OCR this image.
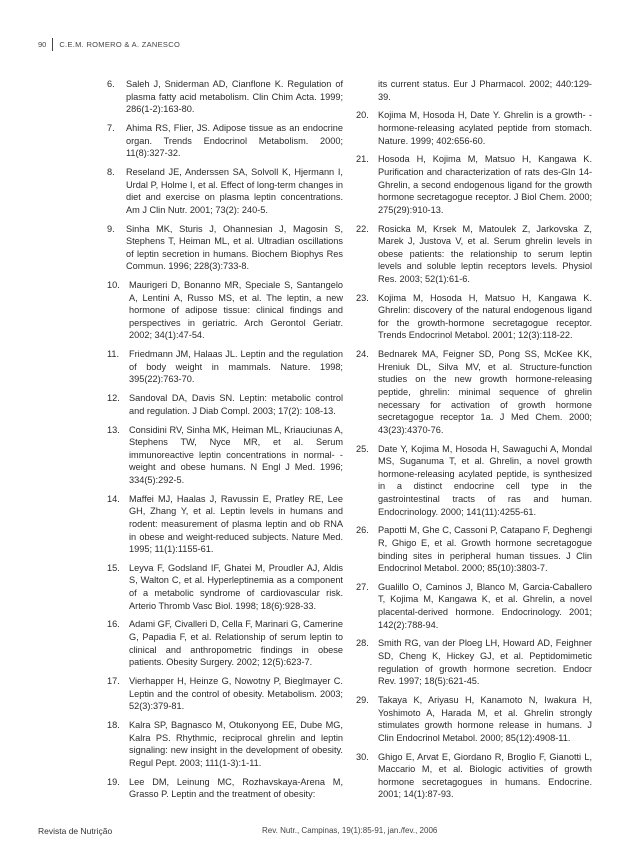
90 C.E.M. ROMERO & A. ZANESCO
6.	Saleh J, Sniderman AD, Cianflone K. Regulation of plasma fatty acid metabolism. Clin Chim Acta. 1999; 286(1-2):163-80.
7.	Ahima RS, Flier, JS. Adipose tissue as an endocrine organ. Trends Endocrinol Metabolism. 2000; 11(8):327-32.
8.	Reseland JE, Anderssen SA, Solvoll K, Hjermann I, Urdal P, Holme I, et al. Effect of long-term changes in diet and exercise on plasma leptin concentrations. Am J Clin Nutr. 2001; 73(2): 240-5.
9.	Sinha MK, Sturis J, Ohannesian J, Magosin S, Stephens T, Heiman ML, et al. Ultradian oscillations of leptin secretion in humans. Biochem Biophys Res Commun. 1996; 228(3):733-8.
10.	Maurigeri D, Bonanno MR, Speciale S, Santangelo A, Lentini A, Russo MS, et al. The leptin, a new hormone of adipose tissue: clinical findings and perspectives in geriatric. Arch Gerontol Geriatr. 2002; 34(1):47-54.
11.	Friedmann JM, Halaas JL. Leptin and the regulation of body weight in mammals. Nature. 1998; 395(22):763-70.
12.	Sandoval DA, Davis SN. Leptin: metabolic control and regulation. J Diab Compl. 2003; 17(2): 108-13.
13.	Considini RV, Sinha MK, Heiman ML, Kriauciunas A, Stephens TW, Nyce MR, et al. Serum immunoreactive leptin concentrations in normal- -weight and obese humans. N Engl J Med. 1996; 334(5):292-5.
14.	Maffei MJ, Haalas J, Ravussin E, Pratley RE, Lee GH, Zhang Y, et al. Leptin levels in humans and rodent: measurement of plasma leptin and ob RNA in obese and weight-reduced subjects. Nature Med. 1995; 11(1):1155-61.
15.	Leyva F, Godsland IF, Ghatei M, Proudler AJ, Aldis S, Walton C, et al. Hyperleptinemia as a component of a metabolic syndrome of cardiovascular risk. Arterio Thromb Vasc Biol. 1998; 18(6):928-33.
16.	Adami GF, Civalleri D, Cella F, Marinari G, Camerine G, Papadia F, et al. Relationship of serum leptin to clinical and anthropometric findings in obese patients. Obesity Surgery. 2002; 12(5):623-7.
17.	Vierhapper H, Heinze G, Nowotny P, Bieglmayer C. Leptin and the control of obesity. Metabolism. 2003; 52(3):379-81.
18.	Kalra SP, Bagnasco M, Otukonyong EE, Dube MG, Kalra PS. Rhythmic, reciprocal ghrelin and leptin signaling: new insight in the development of obesity. Regul Pept. 2003; 111(1-3):1-11.
19.	Lee DM, Leinung MC, Rozhavskaya-Arena M, Grasso P. Leptin and the treatment of obesity:
its current status. Eur J Pharmacol. 2002; 440:129-39.
20.	Kojima M, Hosoda H, Date Y. Ghrelin is a growth- -hormone-releasing acylated peptide from stomach. Nature. 1999; 402:656-60.
21.	Hosoda H, Kojima M, Matsuo H, Kangawa K. Purification and characterization of rats des-Gln 14- Ghrelin, a second endogenous ligand for the growth hormone secretagogue receptor. J Biol Chem. 2000; 275(29):910-13.
22.	Rosicka M, Krsek M, Matoulek Z, Jarkovska Z, Marek J, Justova V, et al. Serum ghrelin levels in obese patients: the relationship to serum leptin levels and soluble leptin receptors levels. Physiol Res. 2003; 52(1):61-6.
23.	Kojima M, Hosoda H, Matsuo H, Kangawa K. Ghrelin: discovery of the natural endogenous ligand for the growth-hormone secretagogue receptor. Trends Endocrinol Metabol. 2001; 12(3):118-22.
24.	Bednarek MA, Feigner SD, Pong SS, McKee KK, Hreniuk DL, Silva MV, et al. Structure-function studies on the new growth hormone-releasing peptide, ghrelin: minimal sequence of ghrelin necessary for activation of growth hormone secretagogue receptor 1a. J Med Chem. 2000; 43(23):4370-76.
25.	Date Y, Kojima M, Hosoda H, Sawaguchi A, Mondal MS, Suganuma T, et al. Ghrelin, a novel growth hormone-releasing acylated peptide, is synthesized in a distinct endocrine cell type in the gastrointestinal tracts of ras and human. Endocrinology. 2000; 141(11):4255-61.
26.	Papotti M, Ghe C, Cassoni P, Catapano F, Deghengi R, Ghigo E, et al. Growth hormone secretagogue binding sites in peripheral human tissues. J Clin Endocrinol Metabol. 2000; 85(10):3803-7.
27.	Gualillo O, Caminos J, Blanco M, Garcia-Caballero T, Kojima M, Kangawa K, et al. Ghrelin, a novel placental-derived hormone. Endocrinology. 2001; 142(2):788-94.
28.	Smith RG, van der Ploeg LH, Howard AD, Feighner SD, Cheng K, Hickey GJ, et al. Peptidomimetic regulation of growth hormone secretion. Endocr Rev. 1997; 18(5):621-45.
29.	Takaya K, Ariyasu H, Kanamoto N, Iwakura H, Yoshimoto A, Harada M, et al. Ghrelin strongly stimulates growth hormone release in humans. J Clin Endocrinol Metabol. 2000; 85(12):4908-11.
30.	Ghigo E, Arvat E, Giordano R, Broglio F, Gianotti L, Maccario M, et al. Biologic activities of growth hormone secretagogues in humans. Endocrine. 2001; 14(1):87-93.
Revista de Nutrição	Rev. Nutr., Campinas, 19(1):85-91, jan./fev., 2006
